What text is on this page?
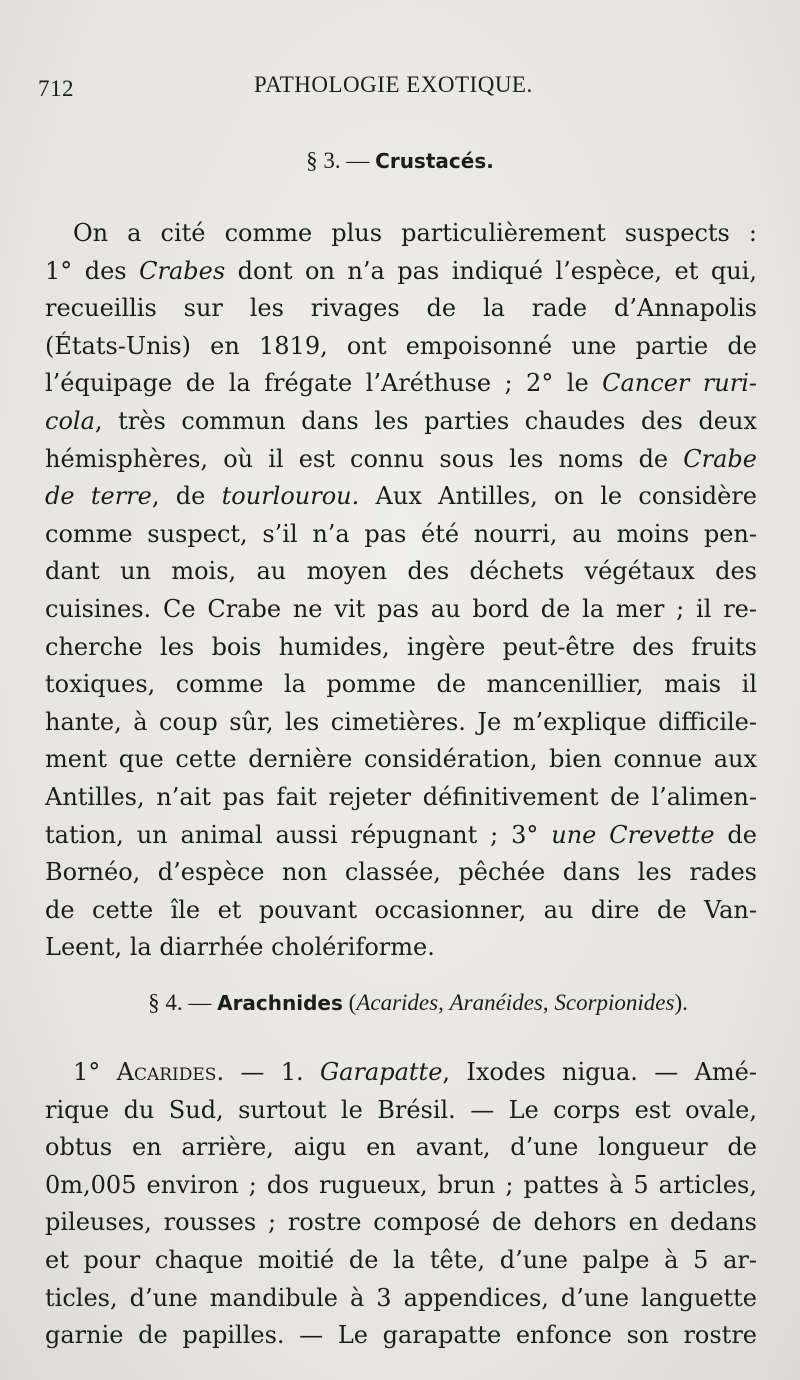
712	PATHOLOGIE EXOTIQUE.
§ 3. — Crustacés.
On a cité comme plus particulièrement suspects :
1° des Crabes dont on n’a pas indiqué l’espèce, et qui,
recueillis sur les rivages de la rade d’Annapolis
(États-Unis) en 1819, ont empoisonné une partie de
l’équipage de la frégate l’Aréthuse ; 2° le Cancer ruri-
cola, très commun dans les parties chaudes des deux
hémisphères, où il est connu sous les noms de Crabe
de terre, de tourlourou. Aux Antilles, on le considère
comme suspect, s’il n’a pas été nourri, au moins pen-
dant un mois, au moyen des déchets végétaux des
cuisines. Ce Crabe ne vit pas au bord de la mer ; il re-
cherche les bois humides, ingère peut-être des fruits
toxiques, comme la pomme de mancenillier, mais il
hante, à coup sûr, les cimetières. Je m’explique difficile-
ment que cette dernière considération, bien connue aux
Antilles, n’ait pas fait rejeter définitivement de l’alimen-
tation, un animal aussi répugnant ; 3° une Crevette de
Bornéo, d’espèce non classée, pêchée dans les rades
de cette île et pouvant occasionner, au dire de Van-
Leent, la diarrhée cholériforme.
§ 4. — Arachnides (Acarides, Aranéides, Scorpionides).
1° Acarides. — 1. Garapatte, Ixodes nigua. — Amé-
rique du Sud, surtout le Brésil. — Le corps est ovale,
obtus en arrière, aigu en avant, d’une longueur de
0m,005 environ ; dos rugueux, brun ; pattes à 5 articles,
pileuses, rousses ; rostre composé de dehors en dedans
et pour chaque moitié de la tête, d’une palpe à 5 ar-
ticles, d’une mandibule à 3 appendices, d’une languette
garnie de papilles. — Le garapatte enfonce son rostre
